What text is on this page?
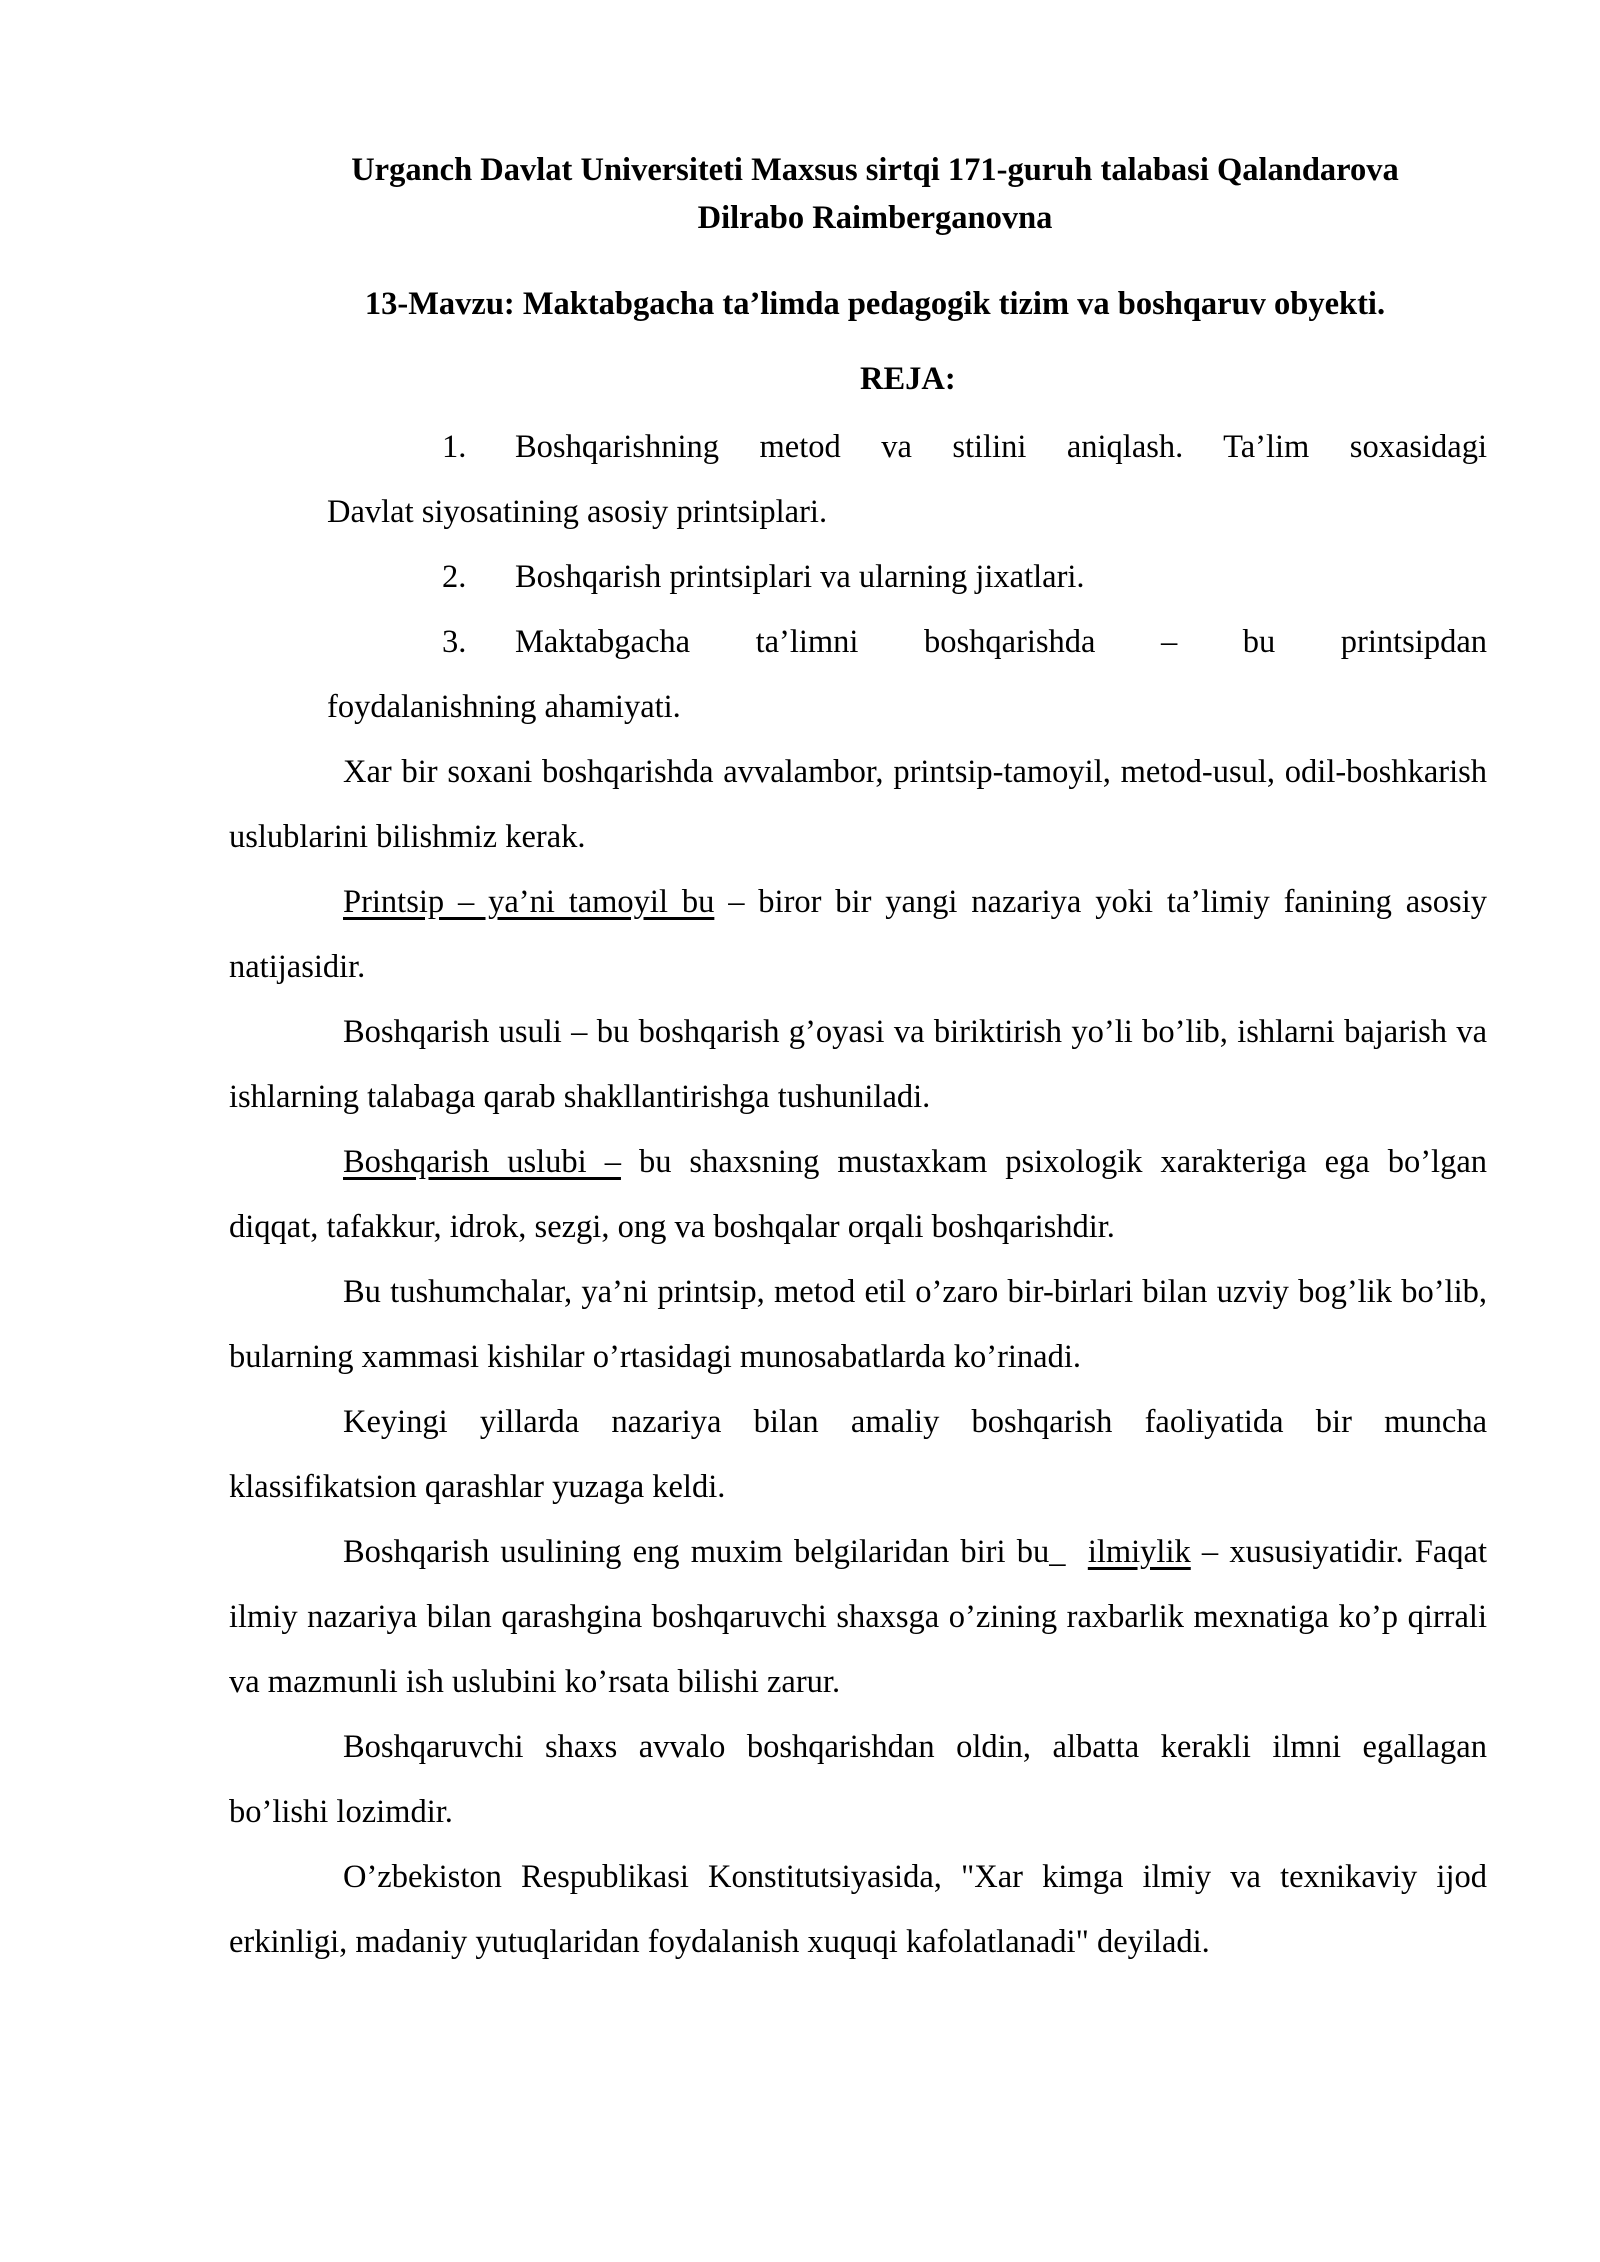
Urganch Davlat Universiteti Maxsus sirtqi 171-guruh talabasi Qalandarova
Dilrabo Raimberganovna
13-Mavzu: Maktabgacha ta’limda pedagogik tizim va boshqaruv obyekti.
REJA:
1. Boshqarishning metod va stilini aniqlash. Ta’lim soxasidagi
Davlat siyosatining asosiy printsiplari.
2. Boshqarish printsiplari va ularning jixatlari.
3. Maktabgacha ta’limni boshqarishda – bu printsipdan
foydalanishning ahamiyati.

Xar bir soxani boshqarishda avvalambor, printsip-tamoyil, metod-usul, odil-boshkarish uslublarini bilishmiz kerak.

Printsip – ya’ni tamoyil bu – biror bir yangi nazariya yoki ta’limiy fanining asosiy natijasidir.

Boshqarish usuli – bu boshqarish g’oyasi va biriktirish yo’li bo’lib, ishlarni bajarish va ishlarning talabaga qarab shakllantirishga tushuniladi.

Boshqarish uslubi – bu shaxsning mustaxkam psixologik xarakteriga ega bo’lgan diqqat, tafakkur, idrok, sezgi, ong va boshqalar orqali boshqarishdir.

Bu tushumchalar, ya’ni printsip, metod etil o’zaro bir-birlari bilan uzviy bog’lik bo’lib, bularning xammasi kishilar o’rtasidagi munosabatlarda ko’rinadi.

Keyingi yillarda nazariya bilan amaliy boshqarish faoliyatida bir muncha klassifikatsion qarashlar yuzaga keldi.

Boshqarish usulining eng muxim belgilaridan biri bu_  ilmiylik – xususiyatidir. Faqat ilmiy nazariya bilan qarashgina boshqaruvchi shaxsga o’zining raxbarlik mexnatiga ko’p qirrali va mazmunli ish uslubini ko’rsata bilishi zarur.

Boshqaruvchi shaxs avvalo boshqarishdan oldin, albatta kerakli ilmni egallagan bo’lishi lozimdir.

O’zbekiston Respublikasi Konstitutsiyasida, "Xar kimga ilmiy va texnikaviy ijod erkinligi, madaniy yutuqlaridan foydalanish xuquqi kafolatlanadi" deyiladi.
